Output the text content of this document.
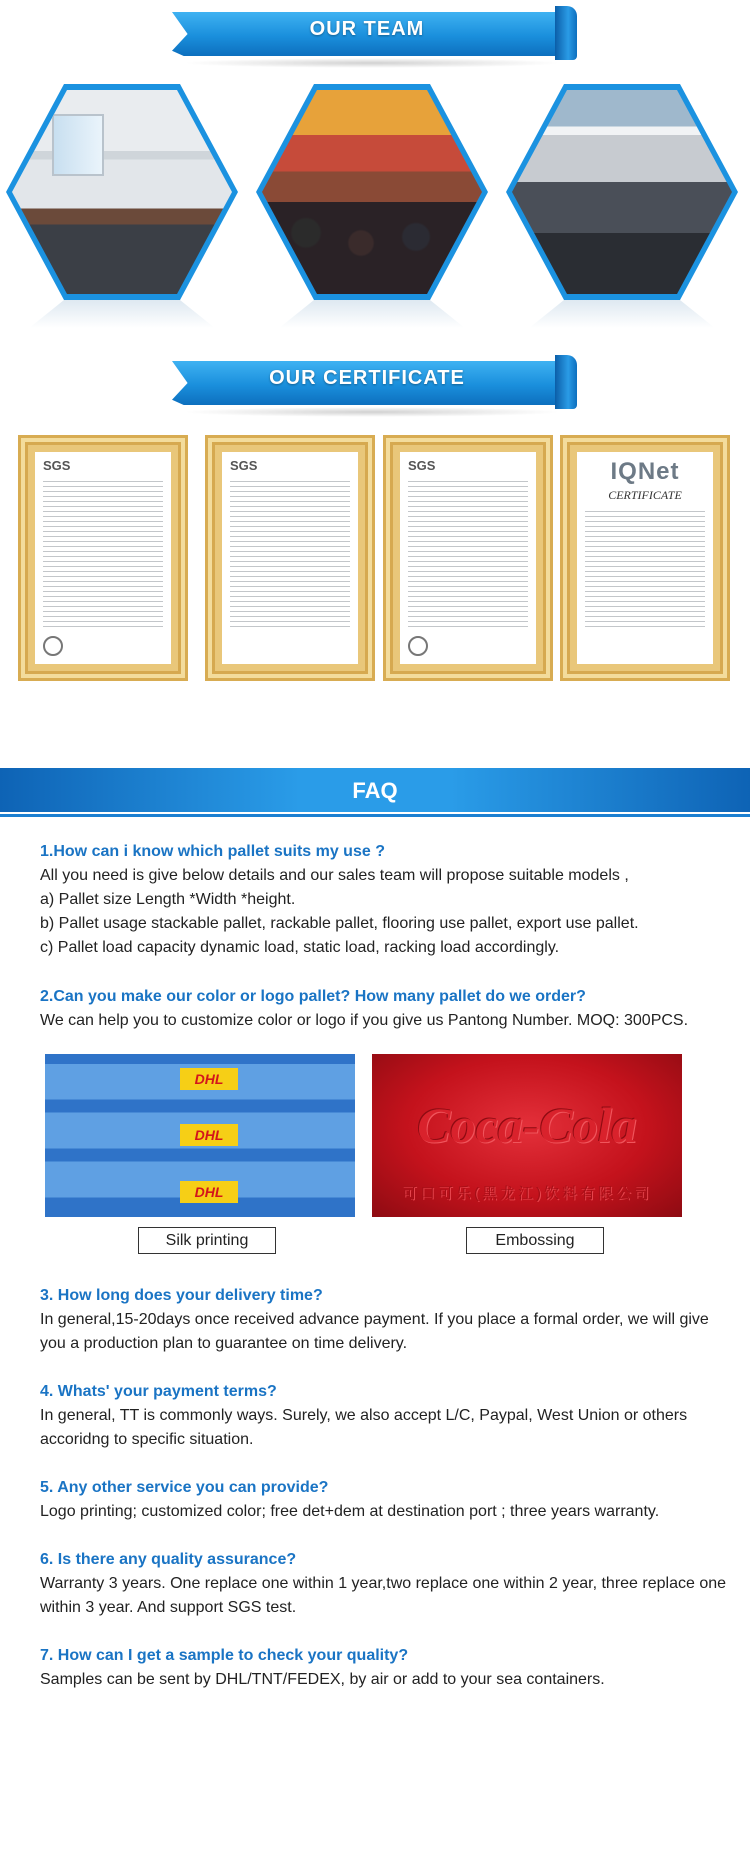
OUR TEAM
OUR CERTIFICATE
SGS	SGS	SGS	IQNet
CERTIFICATE
FAQ

1.How can i know which pallet suits my use ?

All you need is give below details and our sales team will propose suitable models ,

a) Pallet size Length *Width *height.

b) Pallet usage stackable pallet, rackable pallet, flooring use pallet, export use pallet.

c) Pallet load capacity dynamic load, static load, racking load accordingly.

2.Can you make our color or logo pallet? How many pallet do we order?

We can help you to customize color or logo if you give us Pantong Number. MOQ: 300PCS.

DHL
DHL
DHL
Coca-Cola
可口可乐(黑龙江)饮料有限公司
Silk printing	Embossing

3. How long does your delivery time?

In general,15-20days once received advance payment. If you place a formal order, we will give you a production plan to guarantee on time delivery.

4. Whats' your payment terms?

In general, TT is commonly ways. Surely, we also accept L/C, Paypal, West Union or others accoridng to specific situation.

5. Any other service you can provide?

Logo printing; customized color; free det+dem at destination port ; three years warranty.

6. Is there any quality assurance?

Warranty 3 years. One replace one within 1 year,two replace one within 2 year, three replace one within 3 year. And support SGS test.

7. How can I get a sample to check your quality?

Samples can be sent by DHL/TNT/FEDEX, by air or add to your sea containers.
